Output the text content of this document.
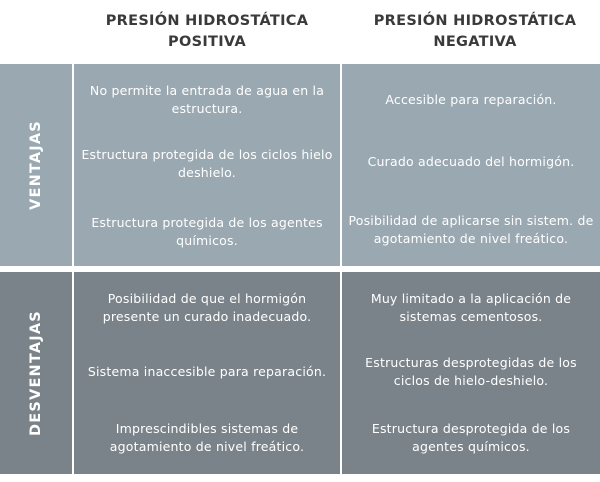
PRESIÓN HIDROSTÁTICA
POSITIVA
PRESIÓN HIDROSTÁTICA
NEGATIVA
VENTAJAS
No permite la entrada de agua en la estructura.
Estructura protegida de los ciclos hielo deshielo.
Estructura protegida de los agentes químicos.
Accesible para reparación.
Curado adecuado del hormigón.
Posibilidad de aplicarse sin sistem. de agotamiento de nivel freático.
DESVENTAJAS
Posibilidad de que el hormigón presente un curado inadecuado.
Sistema inaccesible para reparación.
Imprescindibles sistemas de agotamiento de nivel freático.
Muy limitado a la aplicación de sistemas cementosos.
Estructuras desprotegidas de los ciclos de hielo-deshielo.
Estructura desprotegida de los agentes químicos.
